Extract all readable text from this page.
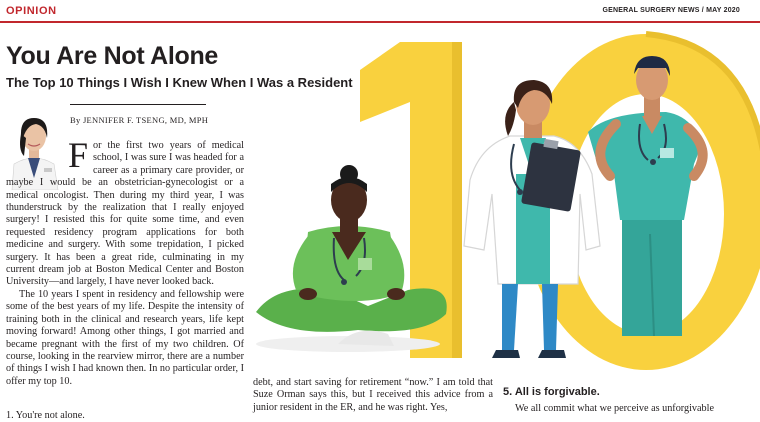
OPINION	GENERAL SURGERY NEWS / MAY 2020
You Are Not Alone
The Top 10 Things I Wish I Knew When I Was a Resident
By JENNIFER F. TSENG, MD, MPH

For the first two years of medical school, I was sure I was headed for a career as a primary care provider, or maybe I would be an obstetrician-gynecologist or a medical oncologist. Then during my third year, I was thunderstruck by the realization that I really enjoyed surgery! I resisted this for quite some time, and even requested residency program applications for both medicine and surgery. With some trepidation, I picked surgery. It has been a great ride, culminating in my current dream job at Boston Medical Center and Boston University—and largely, I have never looked back.

The 10 years I spent in residency and fellowship were some of the best years of my life. Despite the intensity of training both in the clinical and research years, life kept moving forward! Among other things, I got married and became pregnant with the first of my two children. Of course, looking in the rearview mirror, there are a number of things I wish I had known then. In no particular order, I offer my top 10.

1. You're not alone.

debt, and start saving for retirement “now.” I am told that Suze Orman says this, but I received this advice from a junior resident in the ER, and he was right. Yes,

5. All is forgivable.

We all commit what we perceive as unforgivable
